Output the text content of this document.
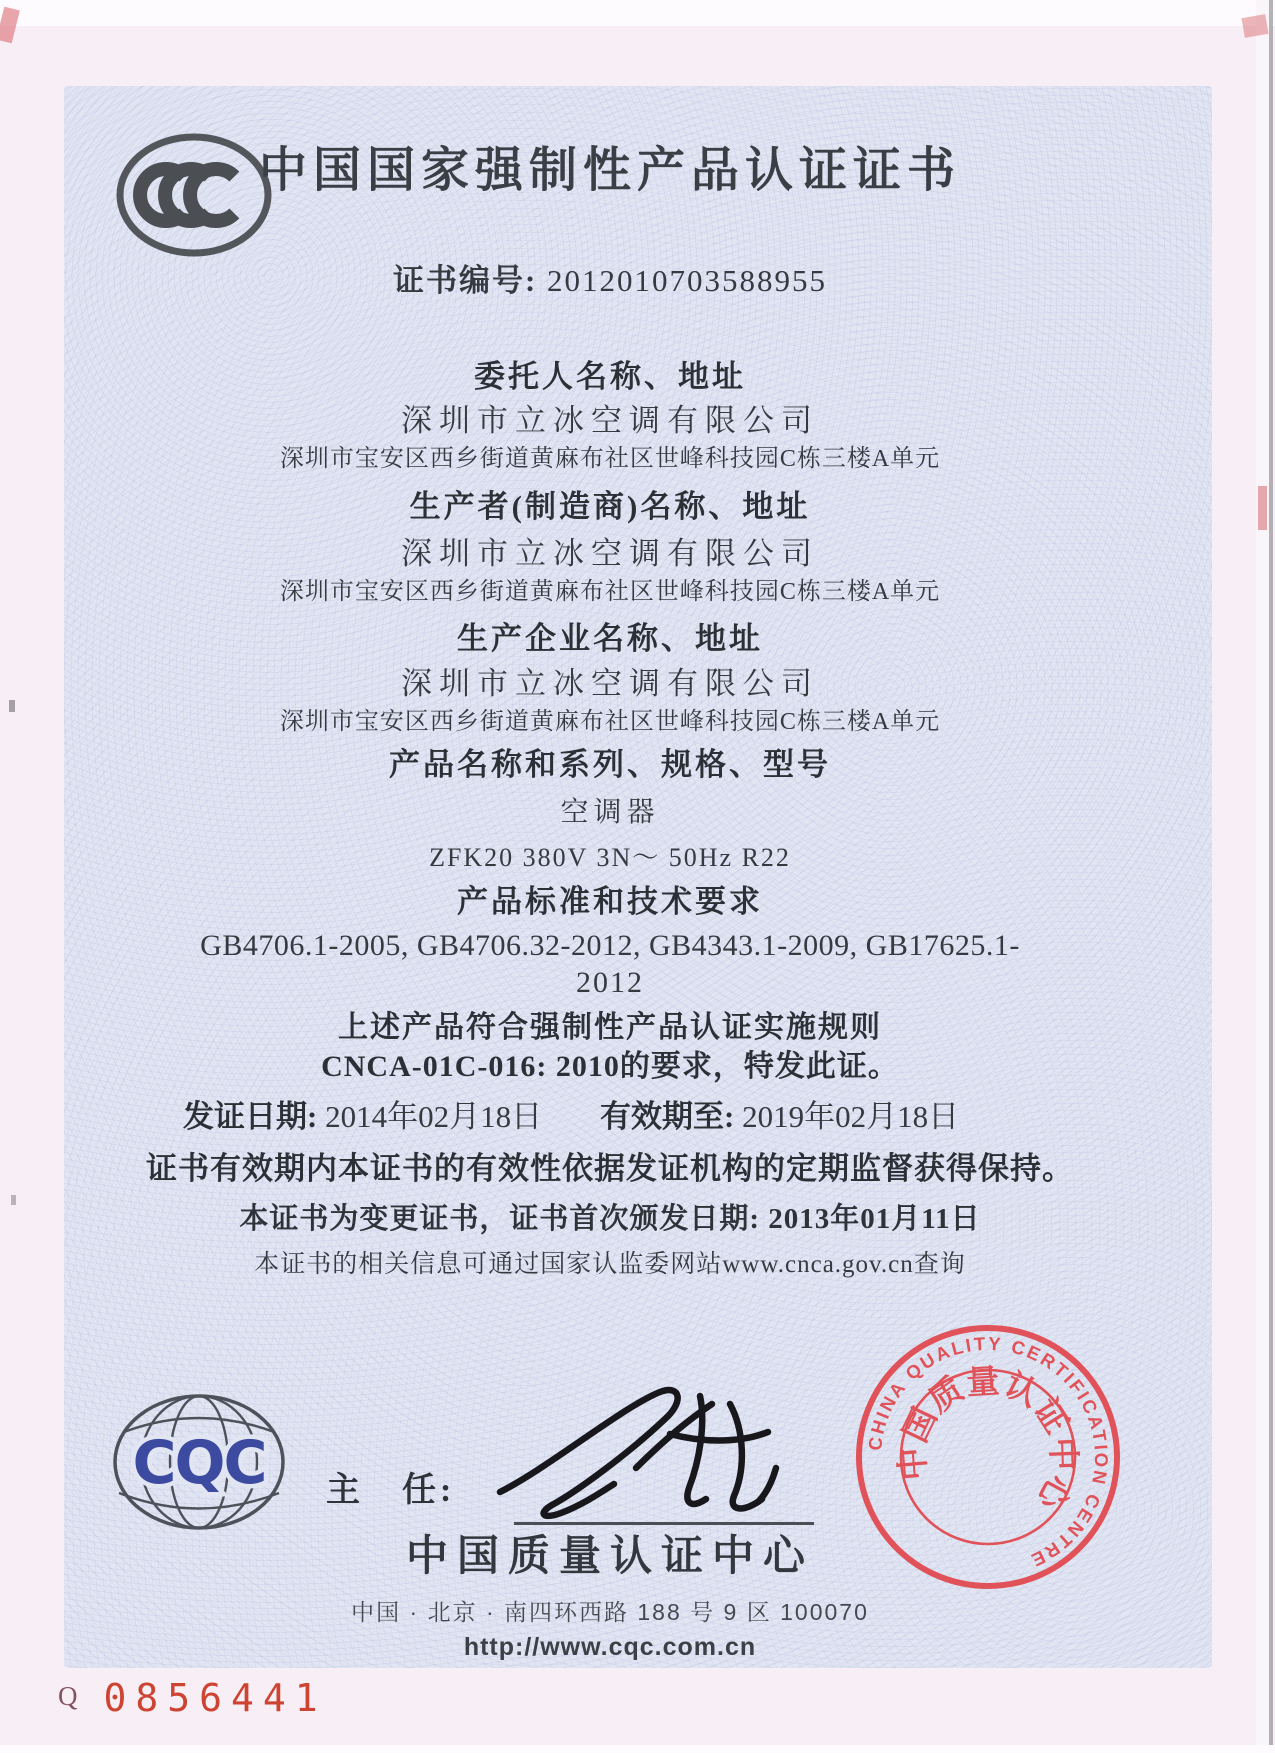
中国国家强制性产品认证证书
证书编号: 2012010703588955
委托人名称、地址
深圳市立冰空调有限公司
深圳市宝安区西乡街道黄麻布社区世峰科技园C栋三楼A单元
生产者(制造商)名称、地址
深圳市立冰空调有限公司
深圳市宝安区西乡街道黄麻布社区世峰科技园C栋三楼A单元
生产企业名称、地址
深圳市立冰空调有限公司
深圳市宝安区西乡街道黄麻布社区世峰科技园C栋三楼A单元
产品名称和系列、规格、型号
空调器
ZFK20 380V 3N～ 50Hz R22
产品标准和技术要求
GB4706.1-2005, GB4706.32-2012, GB4343.1-2009, GB17625.1-
2012
上述产品符合强制性产品认证实施规则
CNCA-01C-016: 2010的要求，特发此证。
发证日期: 2014年02月18日 有效期至: 2019年02月18日
证书有效期内本证书的有效性依据发证机构的定期监督获得保持。
本证书为变更证书，证书首次颁发日期: 2013年01月11日
本证书的相关信息可通过国家认监委网站www.cnca.gov.cn查询
CQC 主　任:
中国质量认证中心
中国 · 北京 · 南四环西路 188 号 9 区 100070
http://www.cqc.com.cn
CHINA QUALITY CERTIFICATION CENTRE
中国质量认证中心
Q 0856441
